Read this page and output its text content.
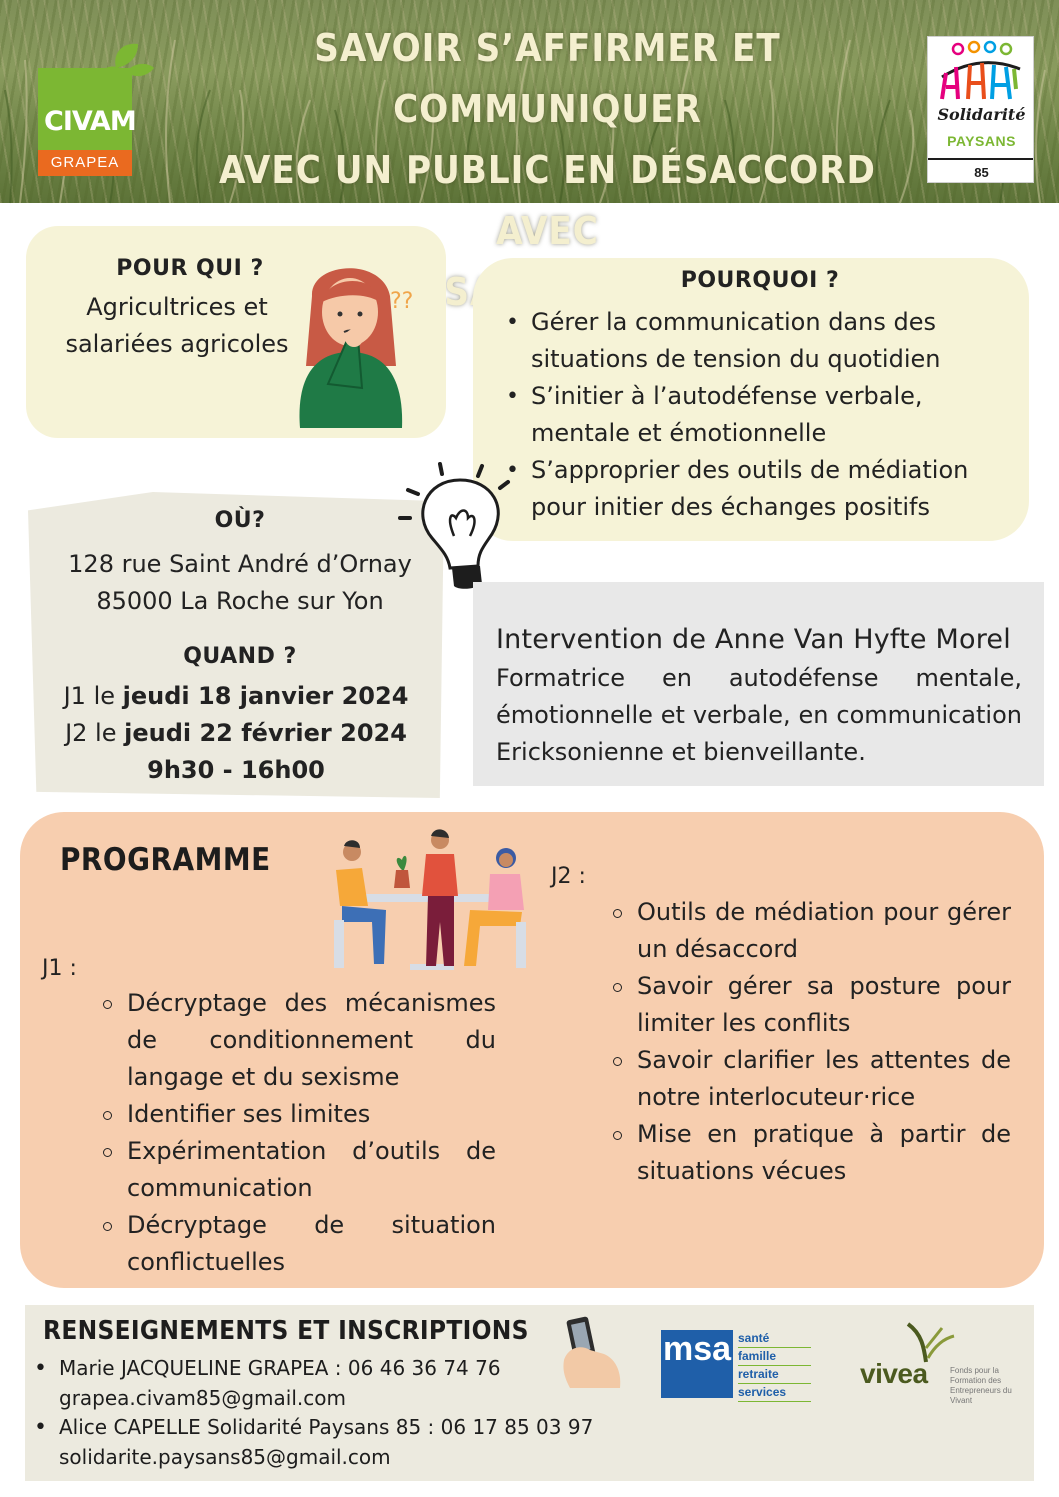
CIVAM
GRAPEA
SAVOIR S’AFFIRMER ET COMMUNIQUER
AVEC UN PUBLIC EN DÉSACCORD AVEC
SA
Solidarité
PAYSANS
85
POUR QUI ?
Agricultrices et
salariées agricoles
??
POURQUOI ?
• Gérer la communication dans des situations de tension du quotidien
• S’initier à l’autodéfense verbale, mentale et émotionnelle
• S’approprier des outils de médiation pour initier des échanges positifs
OÙ?
128 rue Saint André d’Ornay
85000 La Roche sur Yon
QUAND ?
J1 le jeudi 18 janvier 2024
J2 le jeudi 22 février 2024
9h30 - 16h00
Intervention de Anne Van Hyfte Morel
Formatrice en autodéfense mentale, émotionnelle et verbale, en communication Ericksonienne et bienveillante.
PROGRAMME
J1 :
Décryptage des mécanismes de conditionnement du langage et du sexisme
Identifier ses limites
Expérimentation d’outils de communication
Décryptage de situation conflictuelles
J2 :
Outils de médiation pour gérer un désaccord
Savoir gérer sa posture pour limiter les conflits
Savoir clarifier les attentes de notre interlocuteur·rice
Mise en pratique à partir de situations vécues
RENSEIGNEMENTS ET INSCRIPTIONS
• Marie JACQUELINE GRAPEA : 06 46 36 74 76
grapea.civam85@gmail.com
• Alice CAPELLE Solidarité Paysans 85 : 06 17 85 03 97
solidarite.paysans85@gmail.com
msa santé
famille
retraite
services
vivea	Fonds pour la Formation des Entrepreneurs du Vivant
